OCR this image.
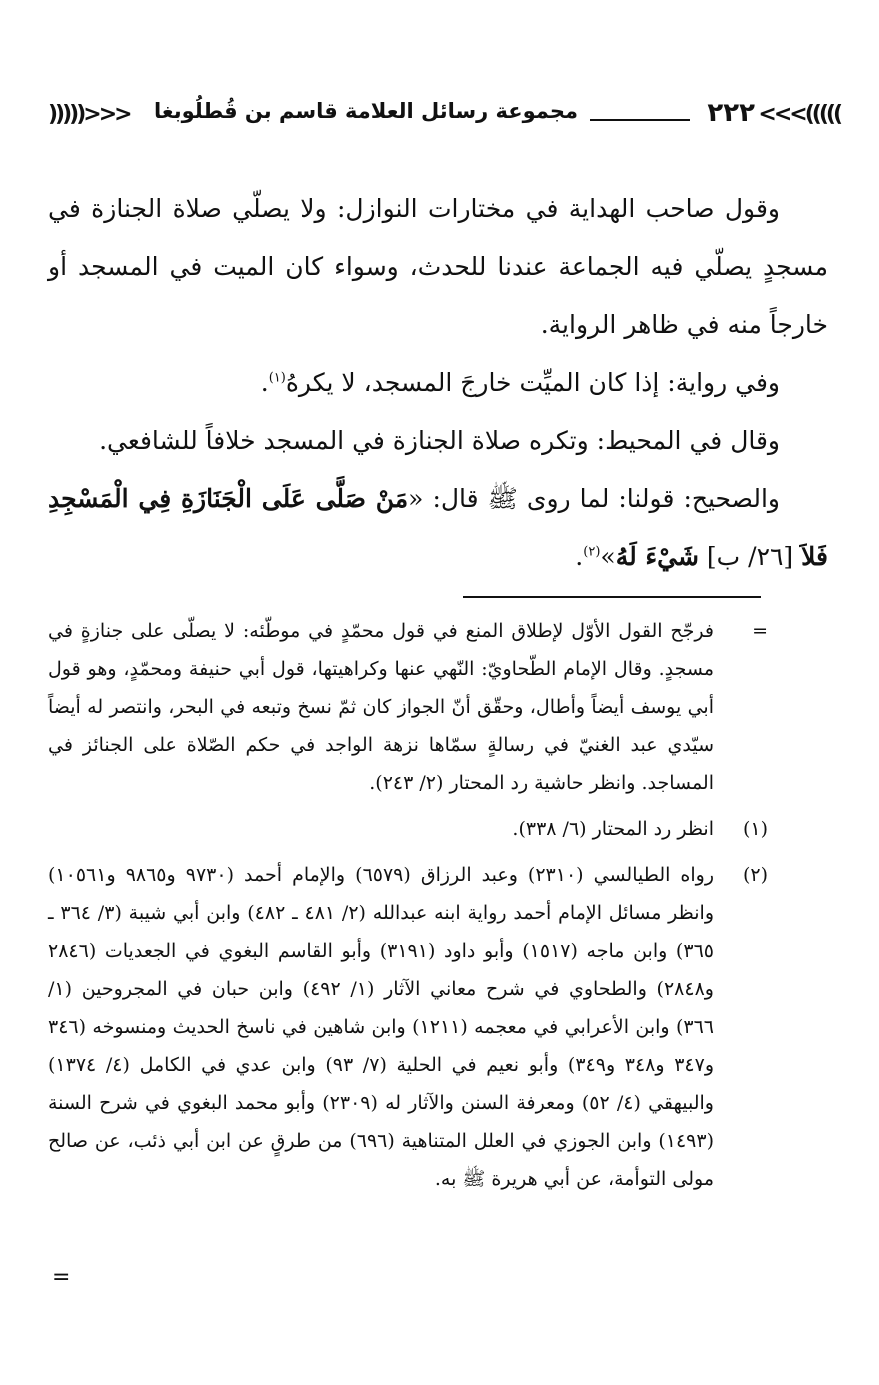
<<<(((((
٢٢٢
مجموعة رسائل العلامة قاسم بن قُطلُوبغا
)))))>>>

وقول صاحب الهداية في مختارات النوازل: ولا يصلّي صلاة الجنازة في مسجدٍ يصلّي فيه الجماعة عندنا للحدث، وسواء كان الميت في المسجد أو خارجاً منه في ظاهر الرواية.

وفي رواية: إذا كان الميِّت خارجَ المسجد، لا يكرهُ$^{(١)}$.

وقال في المحيط: وتكره صلاة الجنازة في المسجد خلافاً للشافعي.

والصحيح: قولنا: لما روى ﷺ قال: «مَنْ صَلَّى عَلَى الْجَنَازَةِ فِي الْمَسْجِدِ فَلاَ [٢٦/ ب] شَيْءَ لَهُ»$^{(٢)}$.

=
فرجّح القول الأوّل لإطلاق المنع في قول محمّدٍ في موطّئه: لا يصلّى على جنازةٍ في مسجدٍ. وقال الإمام الطّحاويّ: النّهي عنها وكراهيتها، قول أبي حنيفة ومحمّدٍ، وهو قول أبي يوسف أيضاً وأطال، وحقّق أنّ الجواز كان ثمّ نسخ وتبعه في البحر، وانتصر له أيضاً سيّدي عبد الغنيّ في رسالةٍ سمّاها نزهة الواجد في حكم الصّلاة على الجنائز في المساجد. وانظر حاشية رد المحتار (٢/ ٢٤٣).
(١)
انظر رد المحتار (٦/ ٣٣٨).
(٢)
رواه الطيالسي (٢٣١٠) وعبد الرزاق (٦٥٧٩) والإمام أحمد (٩٧٣٠ و٩٨٦٥ و١٠٥٦١) وانظر مسائل الإمام أحمد رواية ابنه عبدالله (٢/ ٤٨١ ـ ٤٨٢) وابن أبي شيبة (٣/ ٣٦٤ ـ ٣٦٥) وابن ماجه (١٥١٧) وأبو داود (٣١٩١) وأبو القاسم البغوي في الجعديات (٢٨٤٦ و٢٨٤٨) والطحاوي في شرح معاني الآثار (١/ ٤٩٢) وابن حبان في المجروحين (١/ ٣٦٦) وابن الأعرابي في معجمه (١٢١١) وابن شاهين في ناسخ الحديث ومنسوخه (٣٤٦ و٣٤٧ و٣٤٨ و٣٤٩) وأبو نعيم في الحلية (٧/ ٩٣) وابن عدي في الكامل (٤/ ١٣٧٤) والبيهقي (٤/ ٥٢) ومعرفة السنن والآثار له (٢٣٠٩) وأبو محمد البغوي في شرح السنة (١٤٩٣) وابن الجوزي في العلل المتناهية (٦٩٦) من طرقٍ عن ابن أبي ذئب، عن صالح مولى التوأمة، عن أبي هريرة ﷺ به.
=
